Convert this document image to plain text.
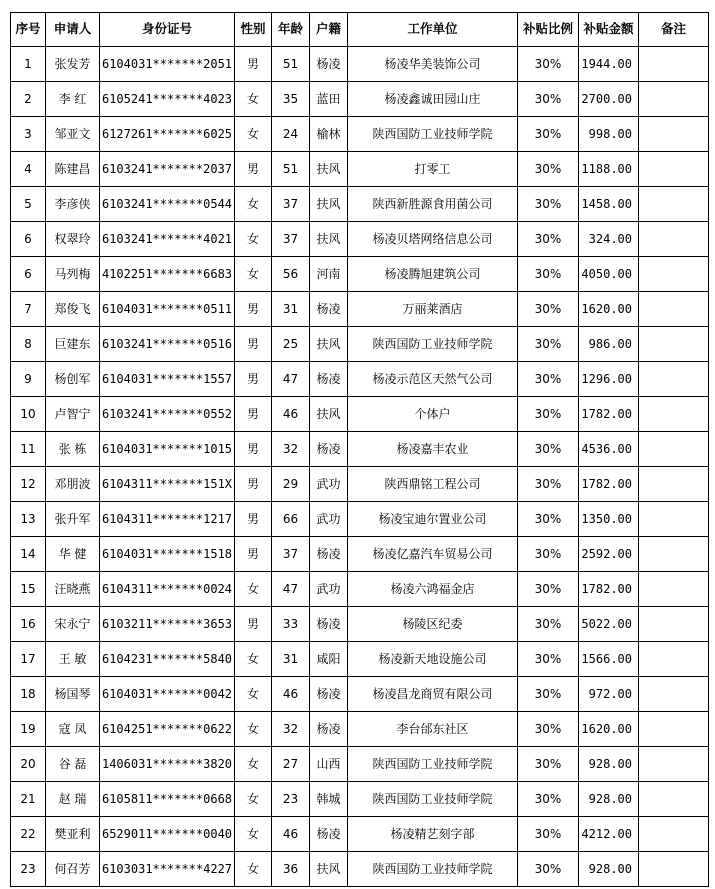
序号	申请人	身份证号	性别	年龄	户籍	工作单位	补贴比例	补贴金额	备注
1	张发芳	6104031*******2051	男	51	杨凌	杨凌华美装饰公司	30%	1944.00	
2	李 红	6105241*******4023	女	35	蓝田	杨凌鑫诚田园山庄	30%	2700.00	
3	邹亚文	6127261*******6025	女	24	榆林	陕西国防工业技师学院	30%	998.00	
4	陈建昌	6103241*******2037	男	51	扶风	打零工	30%	1188.00	
5	李彦侠	6103241*******0544	女	37	扶风	陕西新胜源食用菌公司	30%	1458.00	
6	权翠玲	6103241*******4021	女	37	扶风	杨凌贝塔网络信息公司	30%	324.00	
6	马列梅	4102251*******6683	女	56	河南	杨凌腾旭建筑公司	30%	4050.00	
7	郑俊飞	6104031*******0511	男	31	杨凌	万丽莱酒店	30%	1620.00	
8	巨建东	6103241*******0516	男	25	扶风	陕西国防工业技师学院	30%	986.00	
9	杨创军	6104031*******1557	男	47	杨凌	杨凌示范区天然气公司	30%	1296.00	
10	卢智宁	6103241*******0552	男	46	扶风	个体户	30%	1782.00	
11	张 栋	6104031*******1015	男	32	杨凌	杨凌嘉丰农业	30%	4536.00	
12	邓朋波	6104311*******151X	男	29	武功	陕西鼎铭工程公司	30%	1782.00	
13	张升军	6104311*******1217	男	66	武功	杨凌宝迪尔置业公司	30%	1350.00	
14	华 健	6104031*******1518	男	37	杨凌	杨凌亿嘉汽车贸易公司	30%	2592.00	
15	汪晓燕	6104311*******0024	女	47	武功	杨凌六鸿福金店	30%	1782.00	
16	宋永宁	6103211*******3653	男	33	杨凌	杨陵区纪委	30%	5022.00	
17	王 敏	6104231*******5840	女	31	咸阳	杨凌新天地设施公司	30%	1566.00	
18	杨国琴	6104031*******0042	女	46	杨凌	杨凌昌龙商贸有限公司	30%	972.00	
19	寇 凤	6104251*******0622	女	32	杨凌	李台邰东社区	30%	1620.00	
20	谷 磊	1406031*******3820	女	27	山西	陕西国防工业技师学院	30%	928.00	
21	赵 瑞	6105811*******0668	女	23	韩城	陕西国防工业技师学院	30%	928.00	
22	樊亚利	6529011*******0040	女	46	杨凌	杨凌精艺刻字部	30%	4212.00	
23	何召芳	6103031*******4227	女	36	扶风	陕西国防工业技师学院	30%	928.00	
